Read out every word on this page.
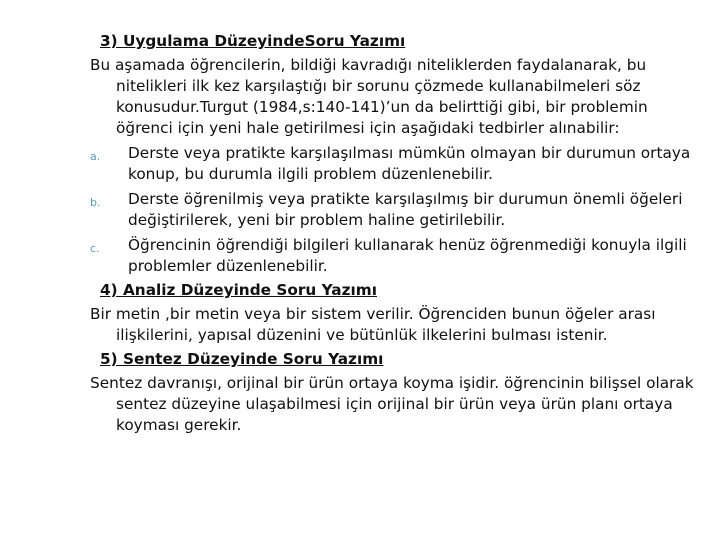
3) Uygulama DüzeyindeSoru Yazımı
Bu aşamada öğrencilerin, bildiği kavradığı niteliklerden faydalanarak, bu nitelikleri ilk kez karşılaştığı bir sorunu çözmede kullanabilmeleri söz konusudur.Turgut (1984,s:140-141)’un da belirttiği gibi, bir problemin öğrenci için yeni hale getirilmesi için aşağıdaki tedbirler alınabilir:
a. Derste veya pratikte karşılaşılması mümkün olmayan bir durumun ortaya konup, bu durumla ilgili problem düzenlenebilir.
b. Derste öğrenilmiş veya pratikte karşılaşılmış bir durumun önemli öğeleri değiştirilerek, yeni bir problem haline getirilebilir.
c. Öğrencinin öğrendiği bilgileri kullanarak henüz öğrenmediği konuyla ilgili problemler düzenlenebilir.
4) Analiz Düzeyinde Soru Yazımı
Bir metin ,bir metin veya bir sistem verilir. Öğrenciden bunun öğeler arası ilişkilerini, yapısal düzenini ve bütünlük ilkelerini bulması istenir.
5) Sentez Düzeyinde Soru Yazımı
Sentez davranışı, orijinal bir ürün ortaya koyma işidir. öğrencinin bilişsel olarak sentez düzeyine ulaşabilmesi için orijinal bir ürün veya ürün planı ortaya koyması gerekir.
